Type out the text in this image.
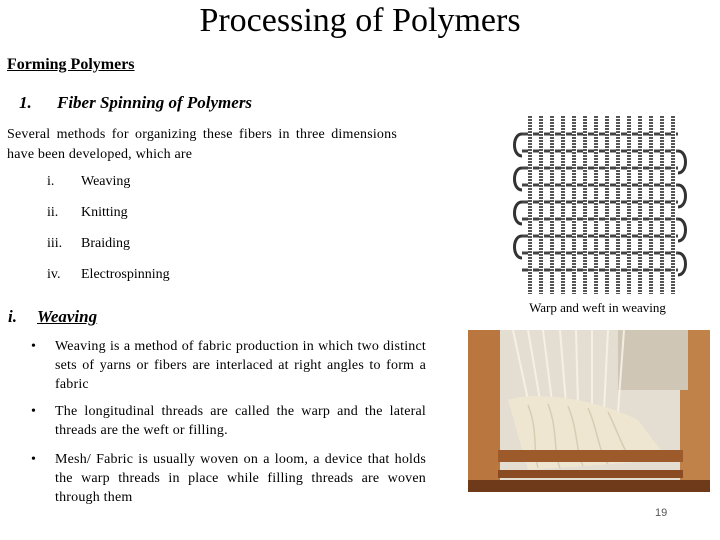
Processing of Polymers
Forming Polymers
1. Fiber Spinning of Polymers
Several methods for organizing these fibers in three dimensions have been developed, which are
i. Weaving
ii. Knitting
iii. Braiding
iv. Electrospinning
i. Weaving
• Weaving is a method of fabric production in which two distinct sets of yarns or fibers are interlaced at right angles to form a fabric
• The longitudinal threads are called the warp and the lateral threads are the weft or filling.
• Mesh/ Fabric is usually woven on a loom, a device that holds the warp threads in place while filling threads are woven through them
Warp and weft in weaving
19
